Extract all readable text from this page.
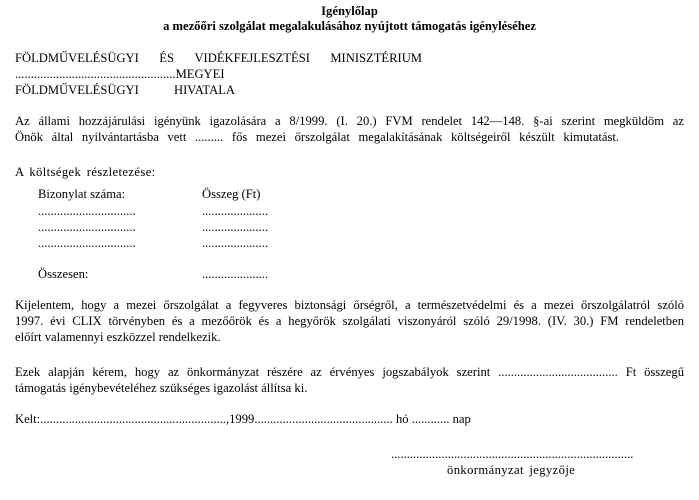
Igénylőlap
a mezőőri szolgálat megalakulásához nyújtott támogatás igényléséhez
FÖLDMŰVELÉSÜGYI ÉS VIDÉKFEJLESZTÉSI MINISZTÉRIUM
...................................................MEGYEI
FÖLDMŰVELÉSÜGYI	HIVATALA
Az állami hozzájárulási igényünk igazolására a 8/1999. (I. 20.) FVM rendelet 142—148. §-ai szerint megküldöm az
Önök által nyilvántartásba vett ......... fős mezei őrszolgálat megalakításának költségeiről készült kimutatást.
A költségek részletezése:
Bizonylat száma:	Összeg (Ft)
...............................	.....................
...............................	.....................
...............................	.....................
Összesen:	.....................
Kijelentem, hogy a mezei őrszolgálat a fegyveres biztonsági őrségről, a természetvédelmi és a mezei őrszolgálatról szóló
1997. évi CLIX törvényben és a mezőőrök és a hegyőrök szolgálati viszonyáról szóló 29/1998. (IV. 30.) FM rendeletben
előírt valamennyi eszközzel rendelkezik.
Ezek alapján kérem, hogy az önkormányzat részére az érvényes jogszabályok szerint ...................................... Ft összegű
támogatás igénybevételéhez szükséges igazolást állítsa ki.
Kelt:...........................................................,1999............................................ hó ............ nap
.............................................................................
önkormányzat jegyzője
